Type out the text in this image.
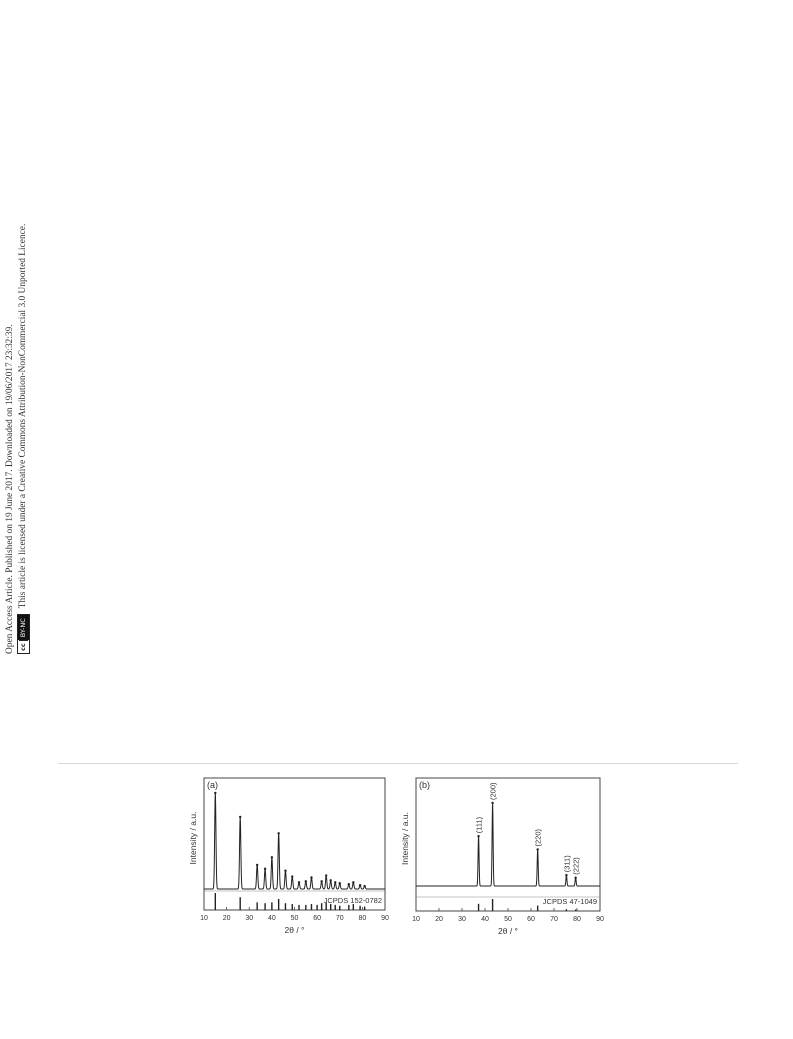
Open Access Article. Published on 19 June 2017. Downloaded on 19/06/2017 23:32:39. cc
BY-NC
This article is licensed under a Creative Commons Attribution-NonCommercial 3.0 Unported Licence.
(a)
10 20 30 40 50 60 70 80 90
2θ / °
Intensity / a.u.
JCPDS 152-0782
(b)
10 20 30 40 50 60 70 80 90
2θ / °
Intensity / a.u.	(111)
(200)
(220)
(311) (222)
JCPDS 47-1049
